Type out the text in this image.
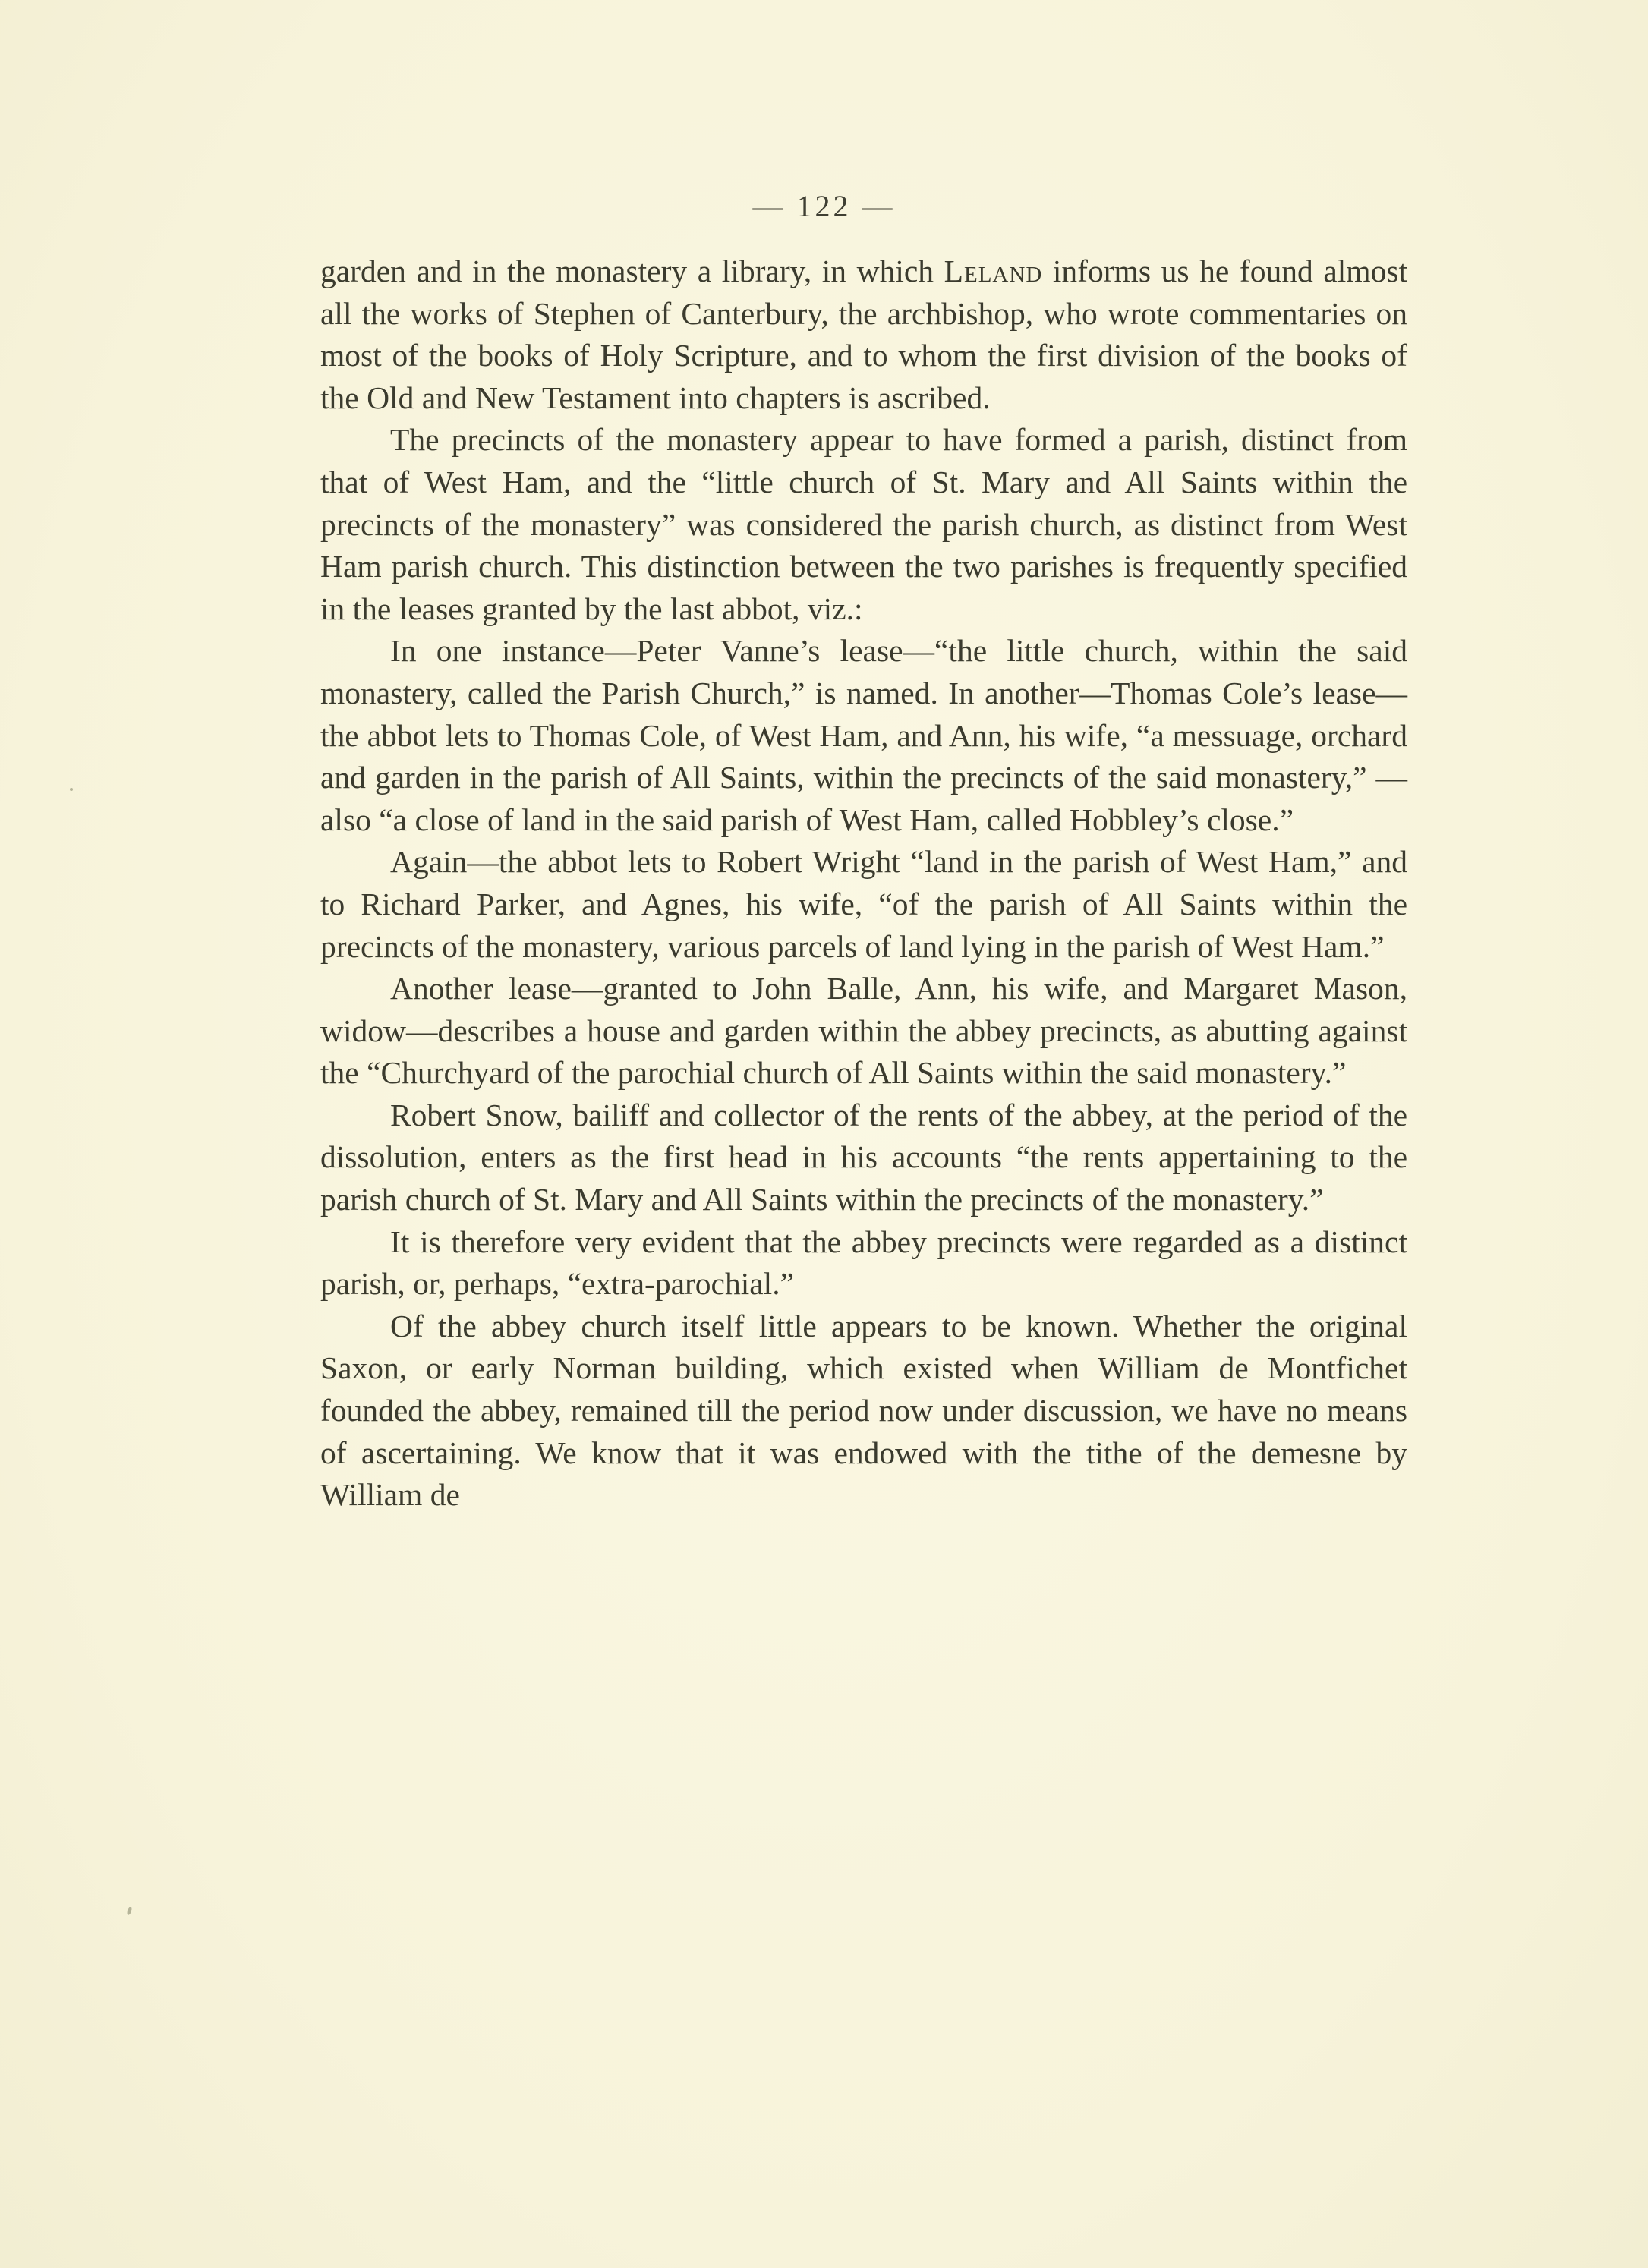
— 122 —

garden and in the monastery a library, in which Leland informs us he found almost all the works of Stephen of Canterbury, the archbishop, who wrote commentaries on most of the books of Holy Scripture, and to whom the first division of the books of the Old and New Testament into chapters is ascribed.

The precincts of the monastery appear to have formed a parish, distinct from that of West Ham, and the “little church of St. Mary and All Saints within the precincts of the monastery” was considered the parish church, as distinct from West Ham parish church. This distinction between the two parishes is frequently specified in the leases granted by the last abbot, viz.:

In one instance—Peter Vanne’s lease—“the little church, within the said monastery, called the Parish Church,” is named. In another—Thomas Cole’s lease—the abbot lets to Thomas Cole, of West Ham, and Ann, his wife, “a messuage, orchard and garden in the parish of All Saints, within the precincts of the said monastery,” —also “a close of land in the said parish of West Ham, called Hobbley’s close.”

Again—the abbot lets to Robert Wright “land in the parish of West Ham,” and to Richard Parker, and Agnes, his wife, “of the parish of All Saints within the precincts of the monastery, various parcels of land lying in the parish of West Ham.”

Another lease—granted to John Balle, Ann, his wife, and Margaret Mason, widow—describes a house and garden within the abbey precincts, as abutting against the “Churchyard of the parochial church of All Saints within the said monastery.”

Robert Snow, bailiff and collector of the rents of the abbey, at the period of the dissolution, enters as the first head in his accounts “the rents appertaining to the parish church of St. Mary and All Saints within the precincts of the monastery.”

It is therefore very evident that the abbey precincts were regarded as a distinct parish, or, perhaps, “extra-parochial.”

Of the abbey church itself little appears to be known. Whether the original Saxon, or early Norman building, which existed when William de Montfichet founded the abbey, remained till the period now under discussion, we have no means of ascertaining. We know that it was endowed with the tithe of the demesne by William de
